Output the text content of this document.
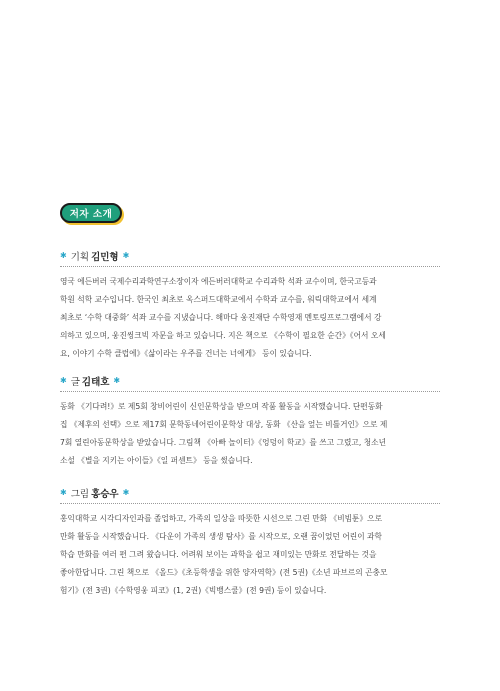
저자 소개
✱ 기획 김민형 ✱
영국 에든버러 국제수리과학연구소장이자 에든버러대학교 수리과학 석좌 교수이며, 한국고등과
학원 석학 교수입니다. 한국인 최초로 옥스퍼드대학교에서 수학과 교수를, 워릭대학교에서 세계
최초로 ‘수학 대중화’ 석좌 교수를 지냈습니다. 해마다 웅진재단 수학영재 멘토링프로그램에서 강
의하고 있으며, 웅진씽크빅 자문을 하고 있습니다. 지은 책으로 《수학이 필요한 순간》《어서 오세
요, 이야기 수학 클럽에》《삶이라는 우주를 건너는 너에게》 등이 있습니다.
✱ 글 김태호 ✱
동화 《기다려!》로 제5회 창비어린이 신인문학상을 받으며 작품 활동을 시작했습니다. 단편동화
집 《제후의 선택》으로 제17회 문학동네어린이문학상 대상, 동화 《산을 엎는 비틀거인》으로 제
7회 열린아동문학상을 받았습니다. 그림책 《아빠 놀이터》《엉덩이 학교》를 쓰고 그렸고, 청소년
소설 《별을 지키는 아이들》《일 퍼센트》 등을 썼습니다.
✱ 그림 홍승우 ✱
홍익대학교 시각디자인과를 졸업하고, 가족의 일상을 따뜻한 시선으로 그린 만화 《비빔툰》으로
만화 활동을 시작했습니다. 《다운이 가족의 생생 탐사》를 시작으로, 오랜 꿈이었던 어린이 과학
학습 만화를 여러 편 그려 왔습니다. 어려워 보이는 과학을 쉽고 재미있는 만화로 전달하는 것을
좋아한답니다. 그린 책으로 《올드》《초등학생을 위한 양자역학》(전 5권)《소년 파브르의 곤충모
험기》(전 3권)《수학영웅 피코》(1, 2권)《빅뱅스쿨》(전 9권) 등이 있습니다.
